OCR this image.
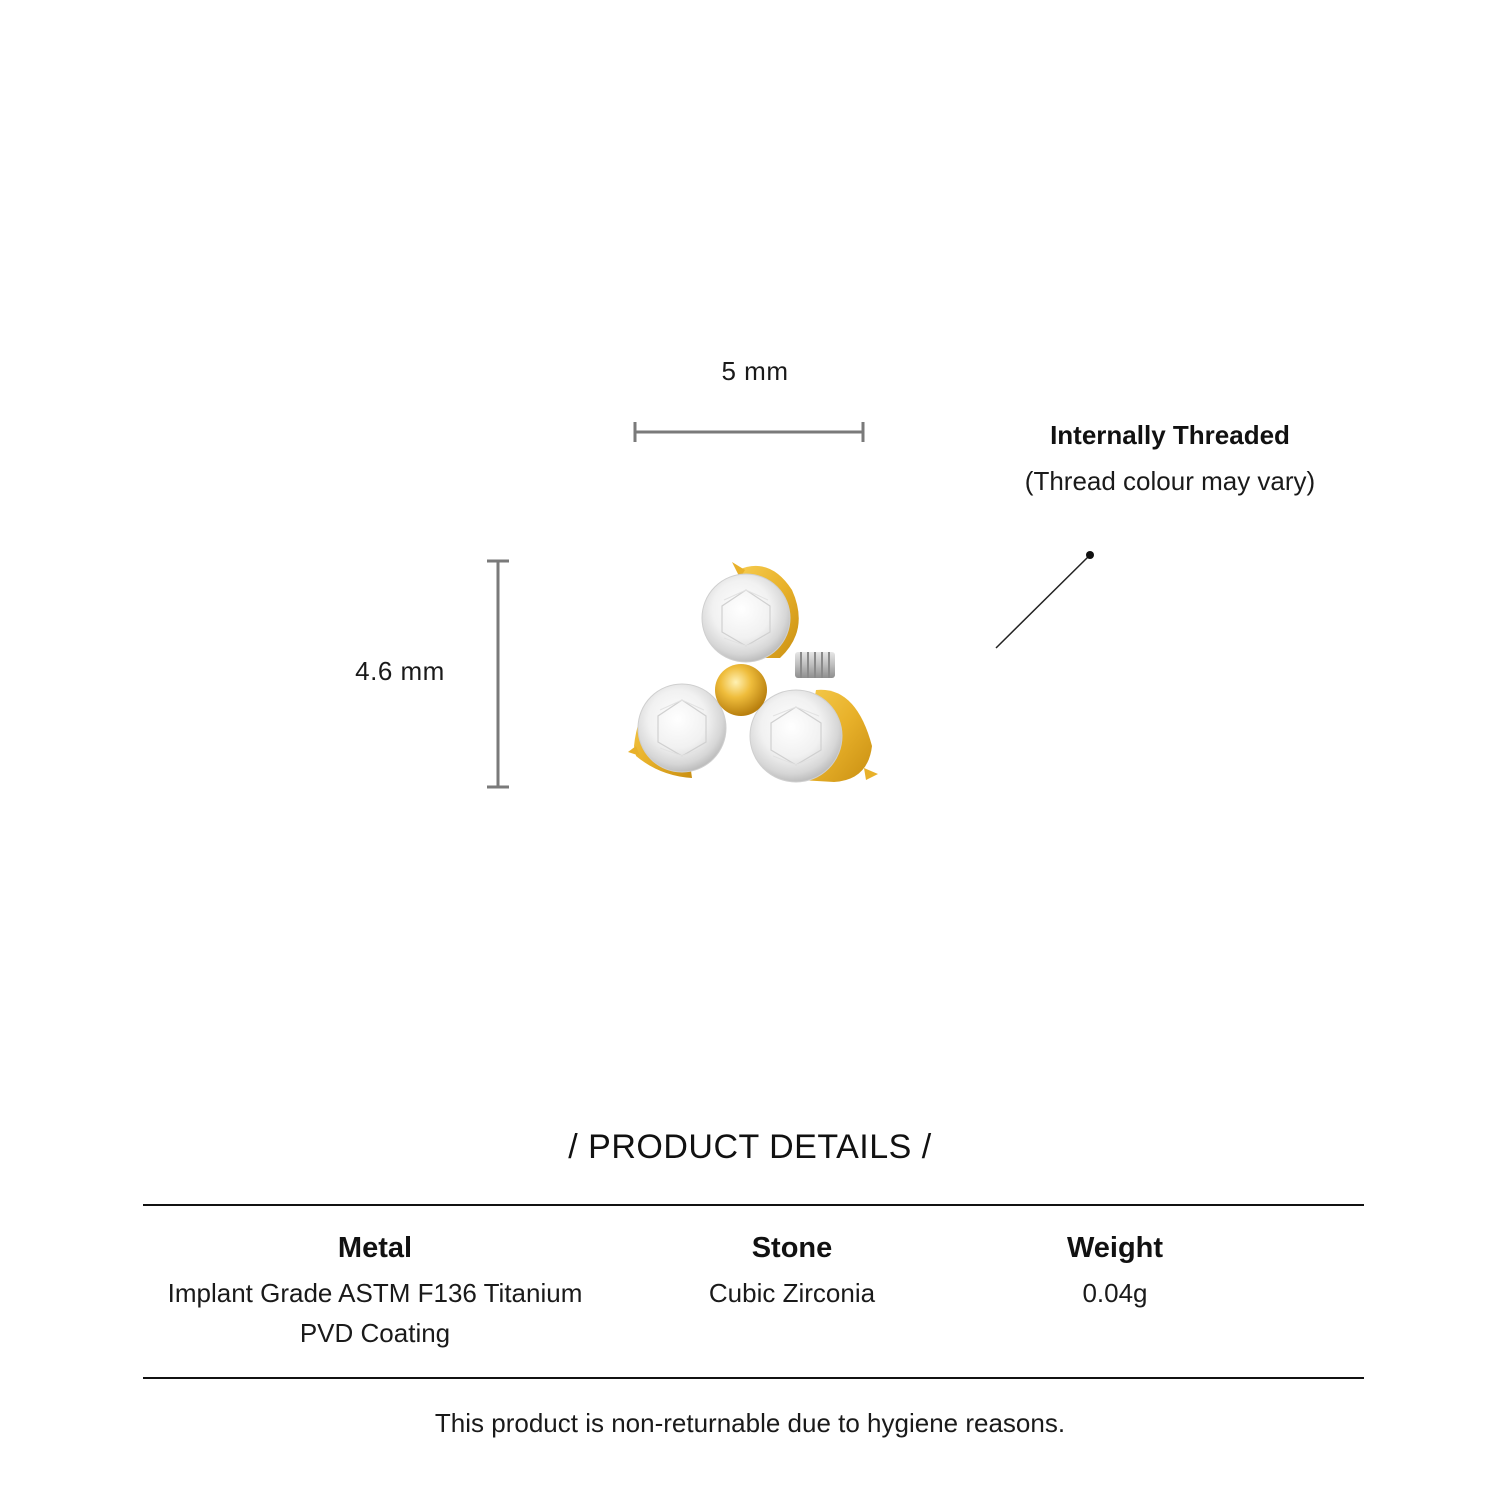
5 mm
4.6 mm
Internally Threaded
(Thread colour may vary)
/ PRODUCT DETAILS /
Metal
Implant Grade ASTM F136 Titanium
PVD Coating
Stone
Cubic Zirconia
Weight
0.04g
This product is non-returnable due to hygiene reasons.
